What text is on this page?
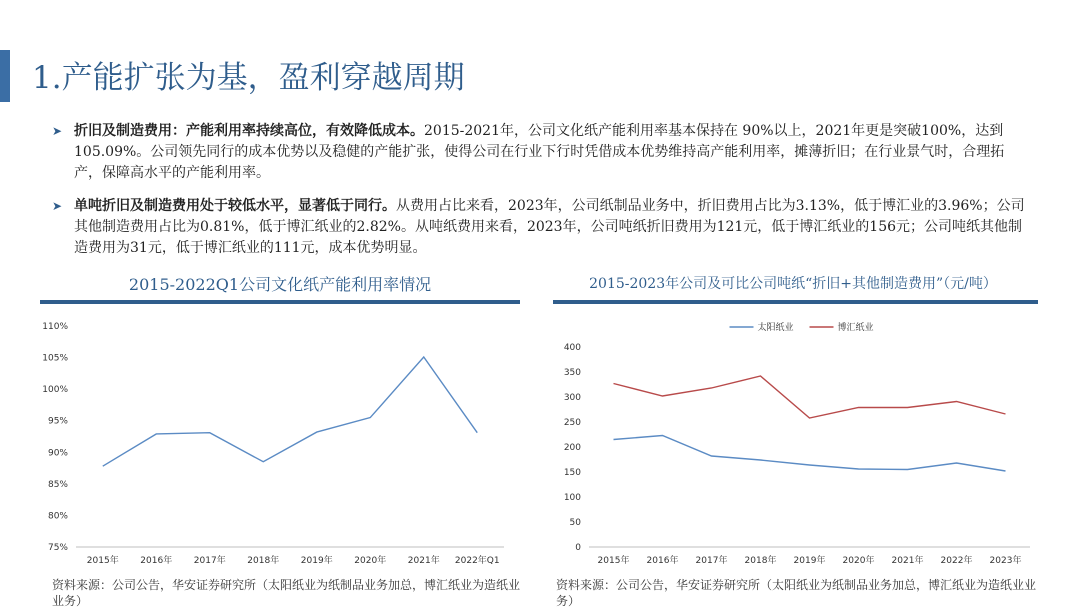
1.产能扩张为基，盈利穿越周期
➤ 折旧及制造费用：产能利用率持续高位，有效降低成本。2015-2021年，公司文化纸产能利用率基本保持在 90%以上，2021年更是突破100%，达到105.09%。公司领先同行的成本优势以及稳健的产能扩张，使得公司在行业下行时凭借成本优势维持高产能利用率，摊薄折旧；在行业景气时，合理拓产，保障高水平的产能利用率。
➤ 单吨折旧及制造费用处于较低水平，显著低于同行。从费用占比来看，2023年，公司纸制品业务中，折旧费用占比为3.13%，低于博汇业的3.96%；公司其他制造费用占比为0.81%，低于博汇纸业的2.82%。从吨纸费用来看，2023年，公司吨纸折旧费用为121元，低于博汇纸业的156元；公司吨纸其他制造费用为31元，低于博汇纸业的111元，成本优势明显。
2015-2022Q1公司文化纸产能利用率情况	2015-2023年公司及可比公司吨纸“折旧+其他制造费用”（元/吨）
75%
80%
85%
90%
95%
100%
105%
110%
2015年 2016年 2017年 2018年 2019年 2020年 2021年 2022年Q1
0
50
100
150
200
250
300
350
400
2015年 2016年 2017年 2018年 2019年 2020年 2021年 2022年 2023年
太阳纸业	博汇纸业
资料来源：公司公告，华安证券研究所（太阳纸业为纸制品业务加总，博汇纸业为造纸业业务）
资料来源：公司公告，华安证券研究所（太阳纸业为纸制品业务加总，博汇纸业为造纸业业务）
